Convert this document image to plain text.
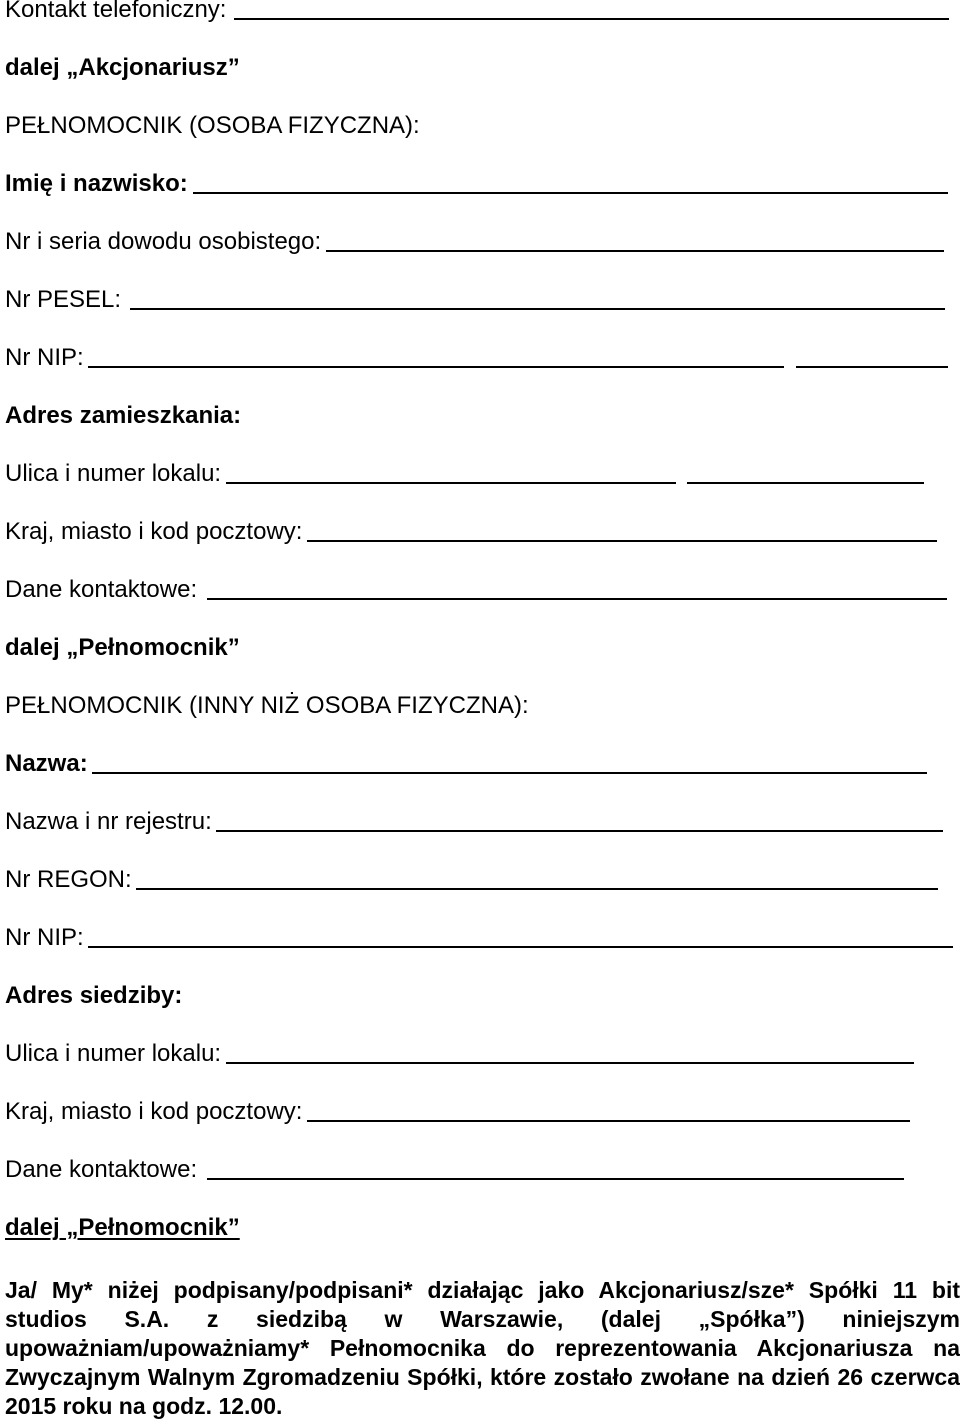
Kontakt telefoniczny:
dalej „Akcjonariusz”
PEŁNOMOCNIK (OSOBA FIZYCZNA):
Imię i nazwisko:
Nr i seria dowodu osobistego:
Nr PESEL:
Nr NIP:
Adres zamieszkania:
Ulica i numer lokalu:
Kraj, miasto i kod pocztowy:
Dane kontaktowe:
dalej „Pełnomocnik”
PEŁNOMOCNIK (INNY NIŻ OSOBA FIZYCZNA):
Nazwa:
Nazwa i nr rejestru:
Nr REGON:
Nr NIP:
Adres siedziby:
Ulica i numer lokalu:
Kraj, miasto i kod pocztowy:
Dane kontaktowe:
dalej „Pełnomocnik”
Ja/ My* niżej podpisany/podpisani* działając jako Akcjonariusz/sze* Spółki 11 bit studios S.A. z siedzibą w Warszawie, (dalej „Spółka”) niniejszym upoważniam/upoważniamy* Pełnomocnika do reprezentowania Akcjonariusza na Zwyczajnym Walnym Zgromadzeniu Spółki, które zostało zwołane na dzień 26 czerwca 2015 roku na godz. 12.00.
